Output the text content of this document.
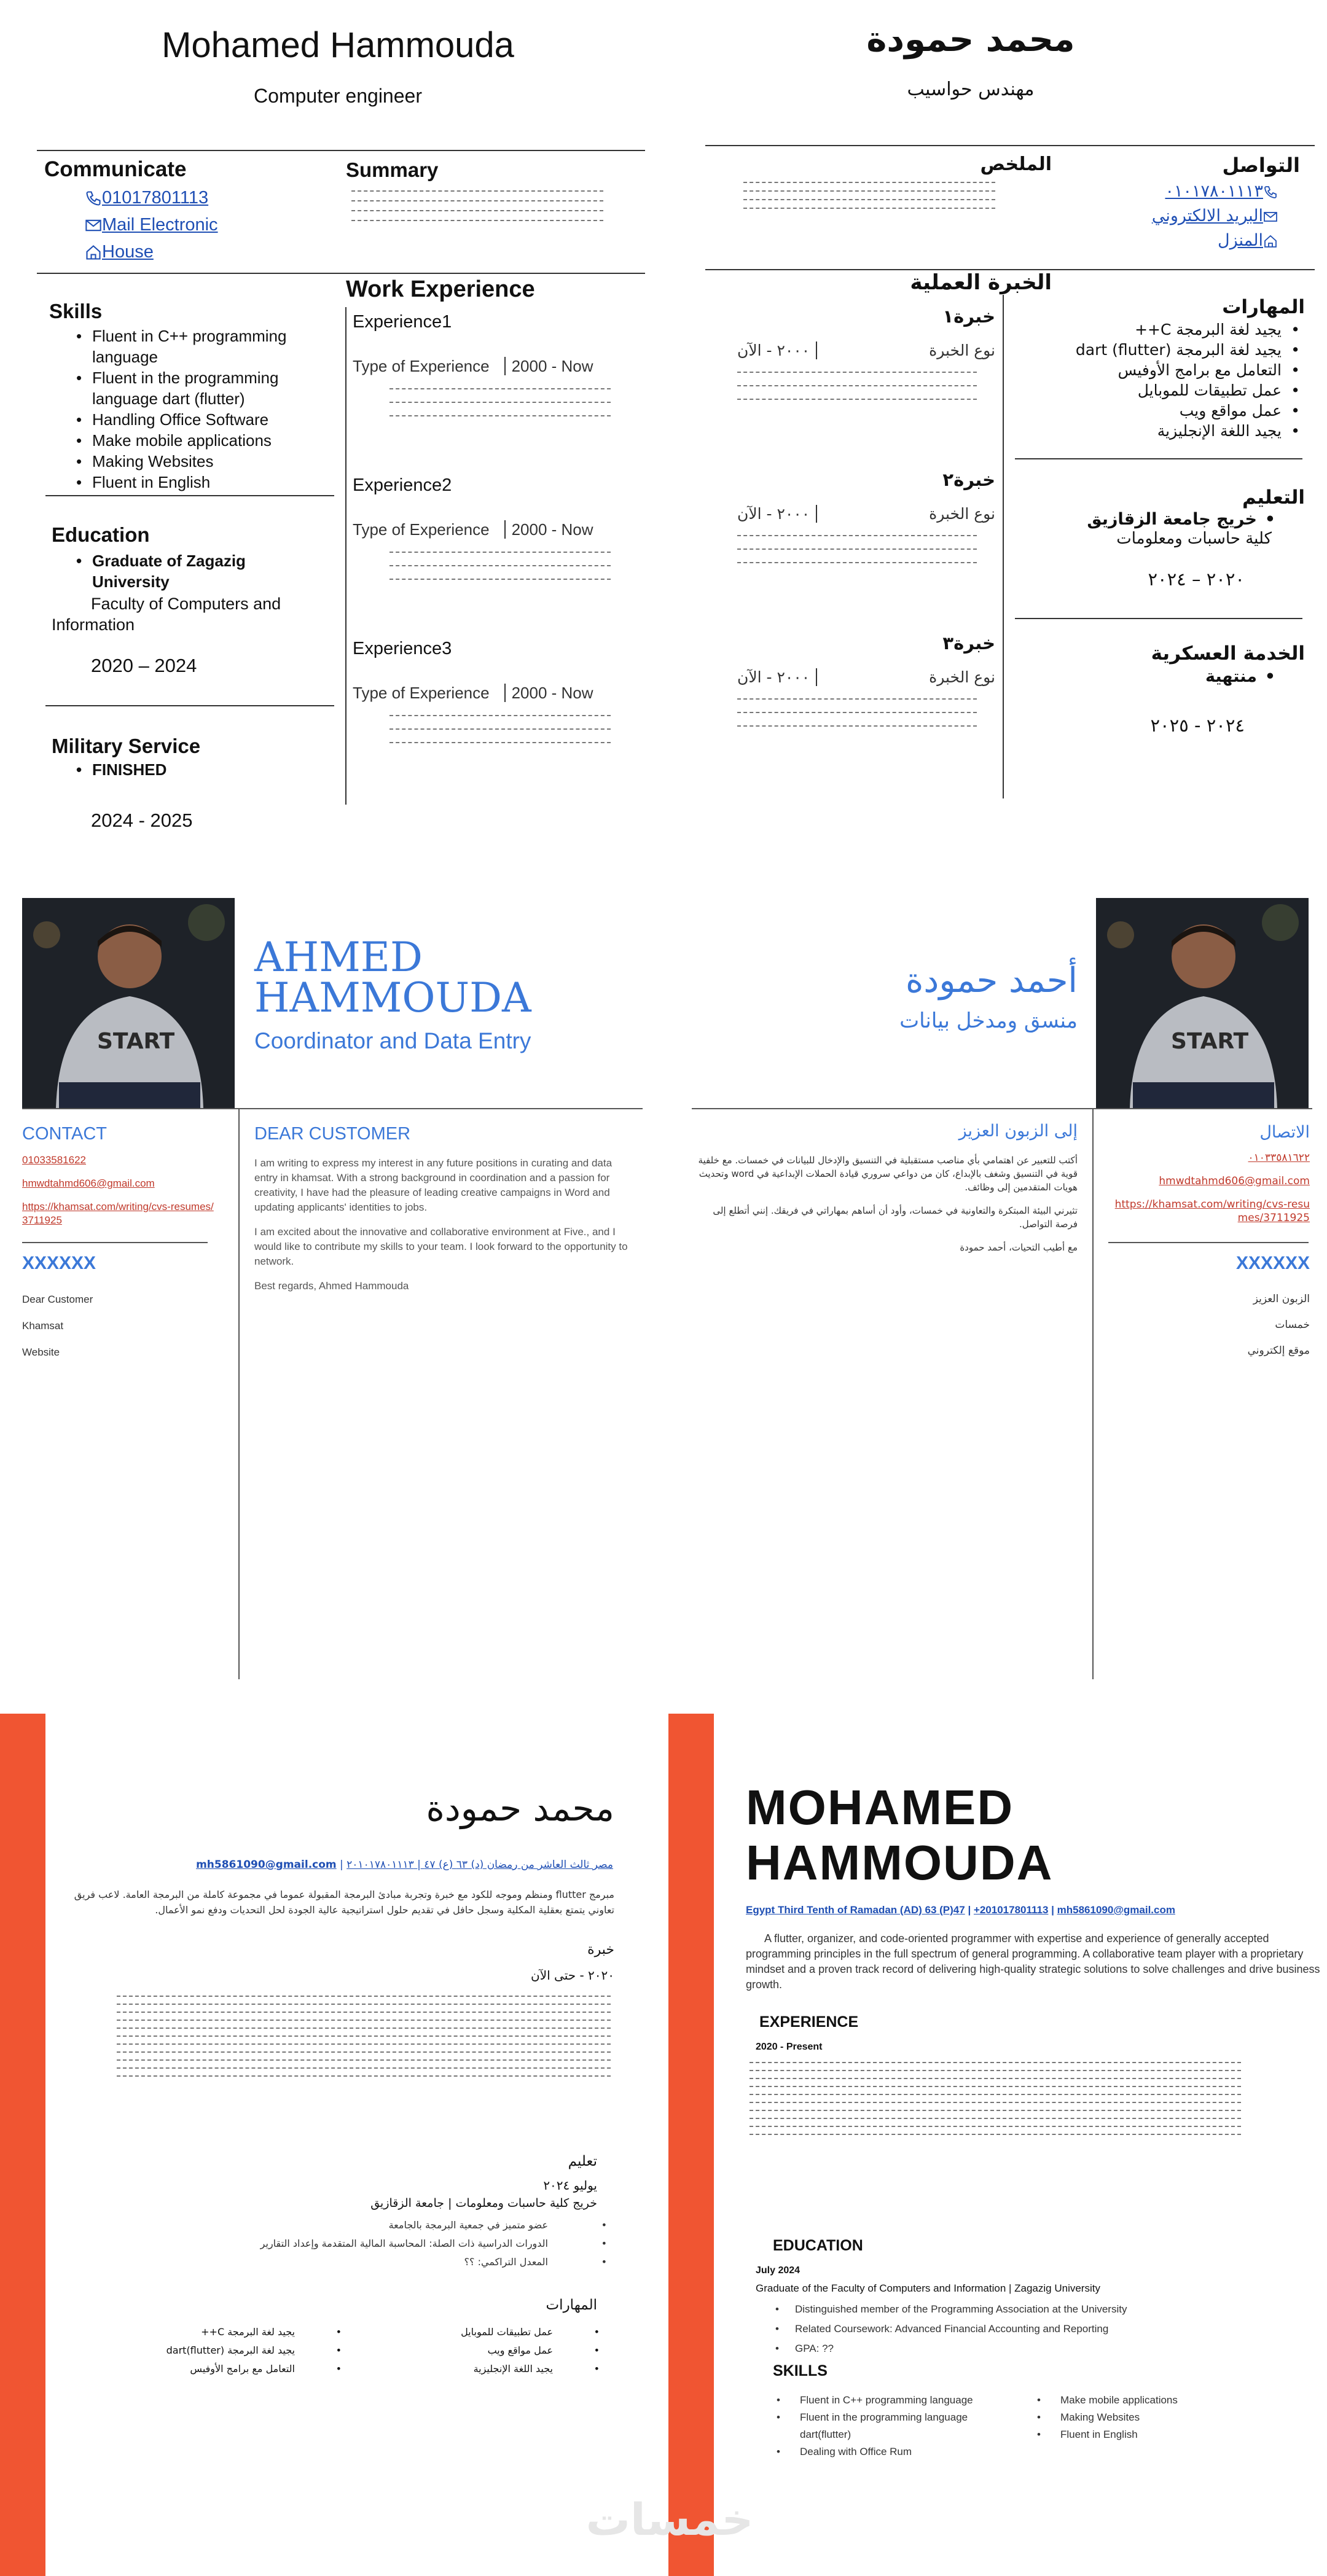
Mohamed Hammouda
Computer engineer
Communicate
01017801113
Mail Electronic
House
Summary
Work Experience
Experience1
Type of Experience 2000 - Now
Experience2
Type of Experience 2000 - Now
Experience3
Type of Experience 2000 - Now
Skills
• Fluent in C++ programming language
• Fluent in the programming language dart (flutter)
• Handling Office Software
• Make mobile applications
• Making Websites
• Fluent in English
Education
• Graduate of Zagazig University
Faculty of Computers and Information
2020 – 2024
Military Service
• FINISHED
2024 - 2025
محمد حمودة
مهندس حواسيب
التواصل
٠١٠١٧٨٠١١١٣
البريد الالكتروني
المنزل
الملخص
الخبرة العملية
خبرة١
نوع الخبرة
٢٠٠٠ - الآن
خبرة٢
نوع الخبرة
٢٠٠٠ - الآن
خبرة٣
نوع الخبرة
٢٠٠٠ - الآن
المهارات
• يجيد لغة البرمجة C++
• يجيد لغة البرمجة dart (flutter)
• التعامل مع برامج الأوفيس
• عمل تطبيقات للموبايل
• عمل مواقع ويب
• يجيد اللغة الإنجليزية
التعليم
• خريج جامعة الزقازيق
كلية حاسبات ومعلومات
٢٠٢٠ – ٢٠٢٤
الخدمة العسكرية
• منتهية
٢٠٢٤ - ٢٠٢٥
START
AHMED
HAMMOUDA
Coordinator and Data Entry
CONTACT
01033581622
hmwdtahmd606@gmail.com
https://khamsat.com/writing/cvs-resumes/3711925
XXXXXX
Dear Customer
Khamsat
Website
DEAR CUSTOMER

I am writing to express my interest in any future positions in curating and data entry in khamsat. With a strong background in coordination and a passion for creativity, I have had the pleasure of leading creative campaigns in Word and updating applicants' identities to jobs.

I am excited about the innovative and collaborative environment at Five., and I would like to contribute my skills to your team. I look forward to the opportunity to network.

Best regards, Ahmed Hammouda

START
أحمد حمودة
منسق ومدخل بيانات
الاتصال
٠١٠٣٣٥٨١٦٢٢
hmwdtahmd606@gmail.com
https://khamsat.com/writing/cvs-resumes/3711925
XXXXXX
الزبون العزيز
خمسات
موقع إلكتروني
إلى الزبون العزيز

أكتب للتعبير عن اهتمامي بأي مناصب مستقبلية في التنسيق والإدخال للبيانات في خمسات. مع خلفية قوية في التنسيق وشغف بالإبداع، كان من دواعي سروري قيادة الحملات الإبداعية في word وتحديث هويات المتقدمين إلى وظائف.

تثيرني البيئة المبتكرة والتعاونية في خمسات، وأود أن أساهم بمهاراتي في فريقك. إنني أتطلع إلى فرصة التواصل.

مع أطيب التحيات، أحمد حمودة

محمد حمودة
مصر ثالث العاشر من رمضان (د) ٦٣ (ع) ٤٧ | ٢٠١٠١٧٨٠١١١٣ | mh5861090@gmail.com
مبرمج flutter ومنظم وموجه للكود مع خبرة وتجربة مبادئ البرمجة المقبولة عموما في مجموعة كاملة من البرمجة العامة. لاعب فريق تعاوني يتمتع بعقلية المكلية وسجل حافل في تقديم حلول استراتيجية عالية الجودة لحل التحديات ودفع نمو الأعمال.
خبرة
٢٠٢٠ - حتى الآن
تعليم
يوليو ٢٠٢٤
خريج كلية حاسبات ومعلومات | جامعة الزقازيق
• عضو متميز في جمعية البرمجة بالجامعة
• الدورات الدراسية ذات الصلة: المحاسبة المالية المتقدمة وإعداد التقارير
• المعدل التراكمي: ؟؟
المهارات
• عمل تطبيقات للموبايل
• عمل مواقع ويب
• يجيد اللغة الإنجليزية
• يجيد لغة البرمجة C++
• يجيد لغة البرمجة dart(flutter)
• التعامل مع برامج الأوفيس
MOHAMED
HAMMOUDA
Egypt Third Tenth of Ramadan (AD) 63 (P)47 | +201017801113 | mh5861090@gmail.com
A flutter, organizer, and code-oriented programmer with expertise and experience of generally accepted programming principles in the full spectrum of general programming. A collaborative team player with a proprietary mindset and a proven track record of delivering high-quality strategic solutions to solve challenges and drive business growth.
EXPERIENCE
2020 - Present
EDUCATION
July 2024
Graduate of the Faculty of Computers and Information | Zagazig University
• Distinguished member of the Programming Association at the University
• Related Coursework: Advanced Financial Accounting and Reporting
• GPA: ??
SKILLS
• Fluent in C++ programming language
• Fluent in the programming language dart(flutter)
• Dealing with Office Rum
• Make mobile applications
• Making Websites
• Fluent in English
خمسات
